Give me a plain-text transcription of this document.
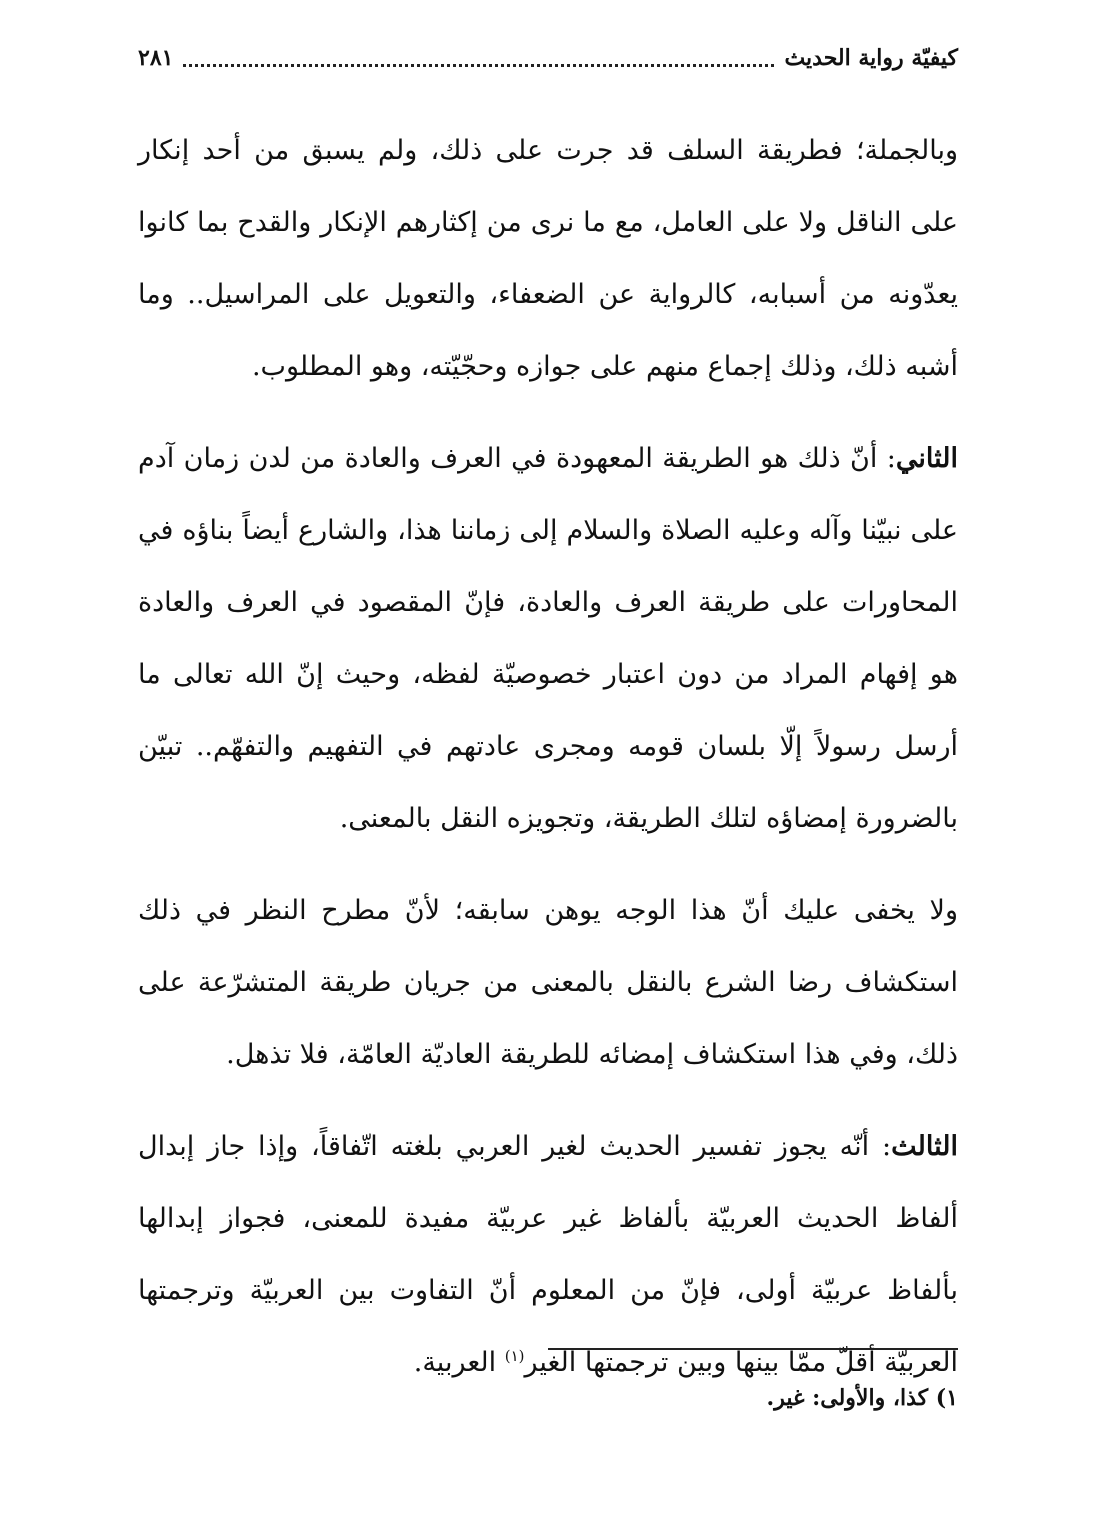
كيفيّة رواية الحديث
٢٨١

وبالجملة؛ فطريقة السلف قد جرت على ذلك، ولم يسبق من أحد إنكار على الناقل ولا على العامل، مع ما نرى من إكثارهم الإنكار والقدح بما كانوا يعدّونه من أسبابه، كالرواية عن الضعفاء، والتعويل على المراسيل.. وما أشبه ذلك، وذلك إجماع منهم على جوازه وحجّيّته، وهو المطلوب.

الثاني: أنّ ذلك هو الطريقة المعهودة في العرف والعادة من لدن زمان آدم على نبيّنا وآله وعليه الصلاة والسلام إلى زماننا هذا، والشارع أيضاً بناؤه في المحاورات على طريقة العرف والعادة، فإنّ المقصود في العرف والعادة هو إفهام المراد من دون اعتبار خصوصيّة لفظه، وحيث إنّ الله تعالى ما أرسل رسولاً إلّا بلسان قومه ومجرى عادتهم في التفهيم والتفهّم.. تبيّن بالضرورة إمضاؤه لتلك الطريقة، وتجويزه النقل بالمعنى.

ولا يخفى عليك أنّ هذا الوجه يوهن سابقه؛ لأنّ مطرح النظر في ذلك استكشاف رضا الشرع بالنقل بالمعنى من جريان طريقة المتشرّعة على ذلك، وفي هذا استكشاف إمضائه للطريقة العاديّة العامّة، فلا تذهل.

الثالث: أنّه يجوز تفسير الحديث لغير العربي بلغته اتّفاقاً، وإذا جاز إبدال ألفاظ الحديث العربيّة بألفاظ غير عربيّة مفيدة للمعنى، فجواز إبدالها بألفاظ عربيّة أولى، فإنّ من المعلوم أنّ التفاوت بين العربيّة وترجمتها العربيّة أقلّ ممّا بينها وبين ترجمتها الغير$^{(١)}$ العربية.

١) كذا، والأولى: غير.
